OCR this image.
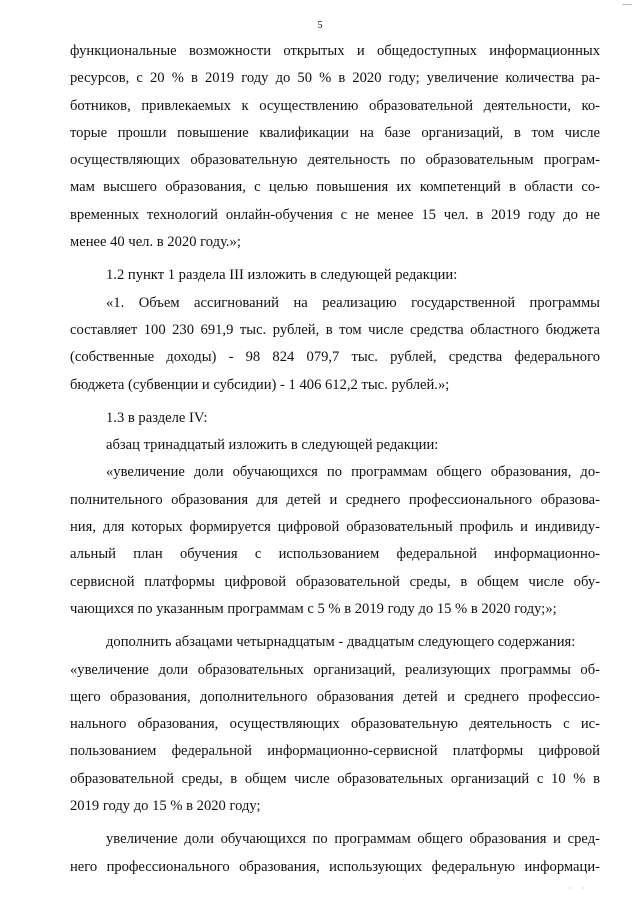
5
функциональные возможности открытых и общедоступных информационных
ресурсов, с 20 % в 2019 году до 50 % в 2020 году; увеличение количества ра-
ботников, привлекаемых к осуществлению образовательной деятельности, ко-
торые прошли повышение квалификации на базе организаций, в том числе
осуществляющих образовательную деятельность по образовательным програм-
мам высшего образования, с целью повышения их компетенций в области со-
временных технологий онлайн-обучения с не менее 15 чел. в 2019 году до не
менее 40 чел. в 2020 году.»;
1.2 пункт 1 раздела III изложить в следующей редакции:
«1. Объем ассигнований на реализацию государственной программы
составляет 100 230 691,9 тыс. рублей, в том числе средства областного бюджета
(собственные доходы) - 98 824 079,7 тыс. рублей, средства федерального
бюджета (субвенции и субсидии) - 1 406 612,2 тыс. рублей.»;
1.3 в разделе IV:
абзац тринадцатый изложить в следующей редакции:
«увеличение доли обучающихся по программам общего образования, до-
полнительного образования для детей и среднего профессионального образова-
ния, для которых формируется цифровой образовательный профиль и индивиду-
альный план обучения с использованием федеральной информационно-
сервисной платформы цифровой образовательной среды, в общем числе обу-
чающихся по указанным программам с 5 % в 2019 году до 15 % в 2020 году;»;
дополнить абзацами четырнадцатым - двадцатым следующего содержания:
«увеличение доли образовательных организаций, реализующих программы об-
щего образования, дополнительного образования детей и среднего профессио-
нального образования, осуществляющих образовательную деятельность с ис-
пользованием федеральной информационно-сервисной платформы цифровой
образовательной среды, в общем числе образовательных организаций с 10 % в
2019 году до 15 % в 2020 году;
увеличение доли обучающихся по программам общего образования и сред-
него профессионального образования, использующих федеральную информаци-
· ·
